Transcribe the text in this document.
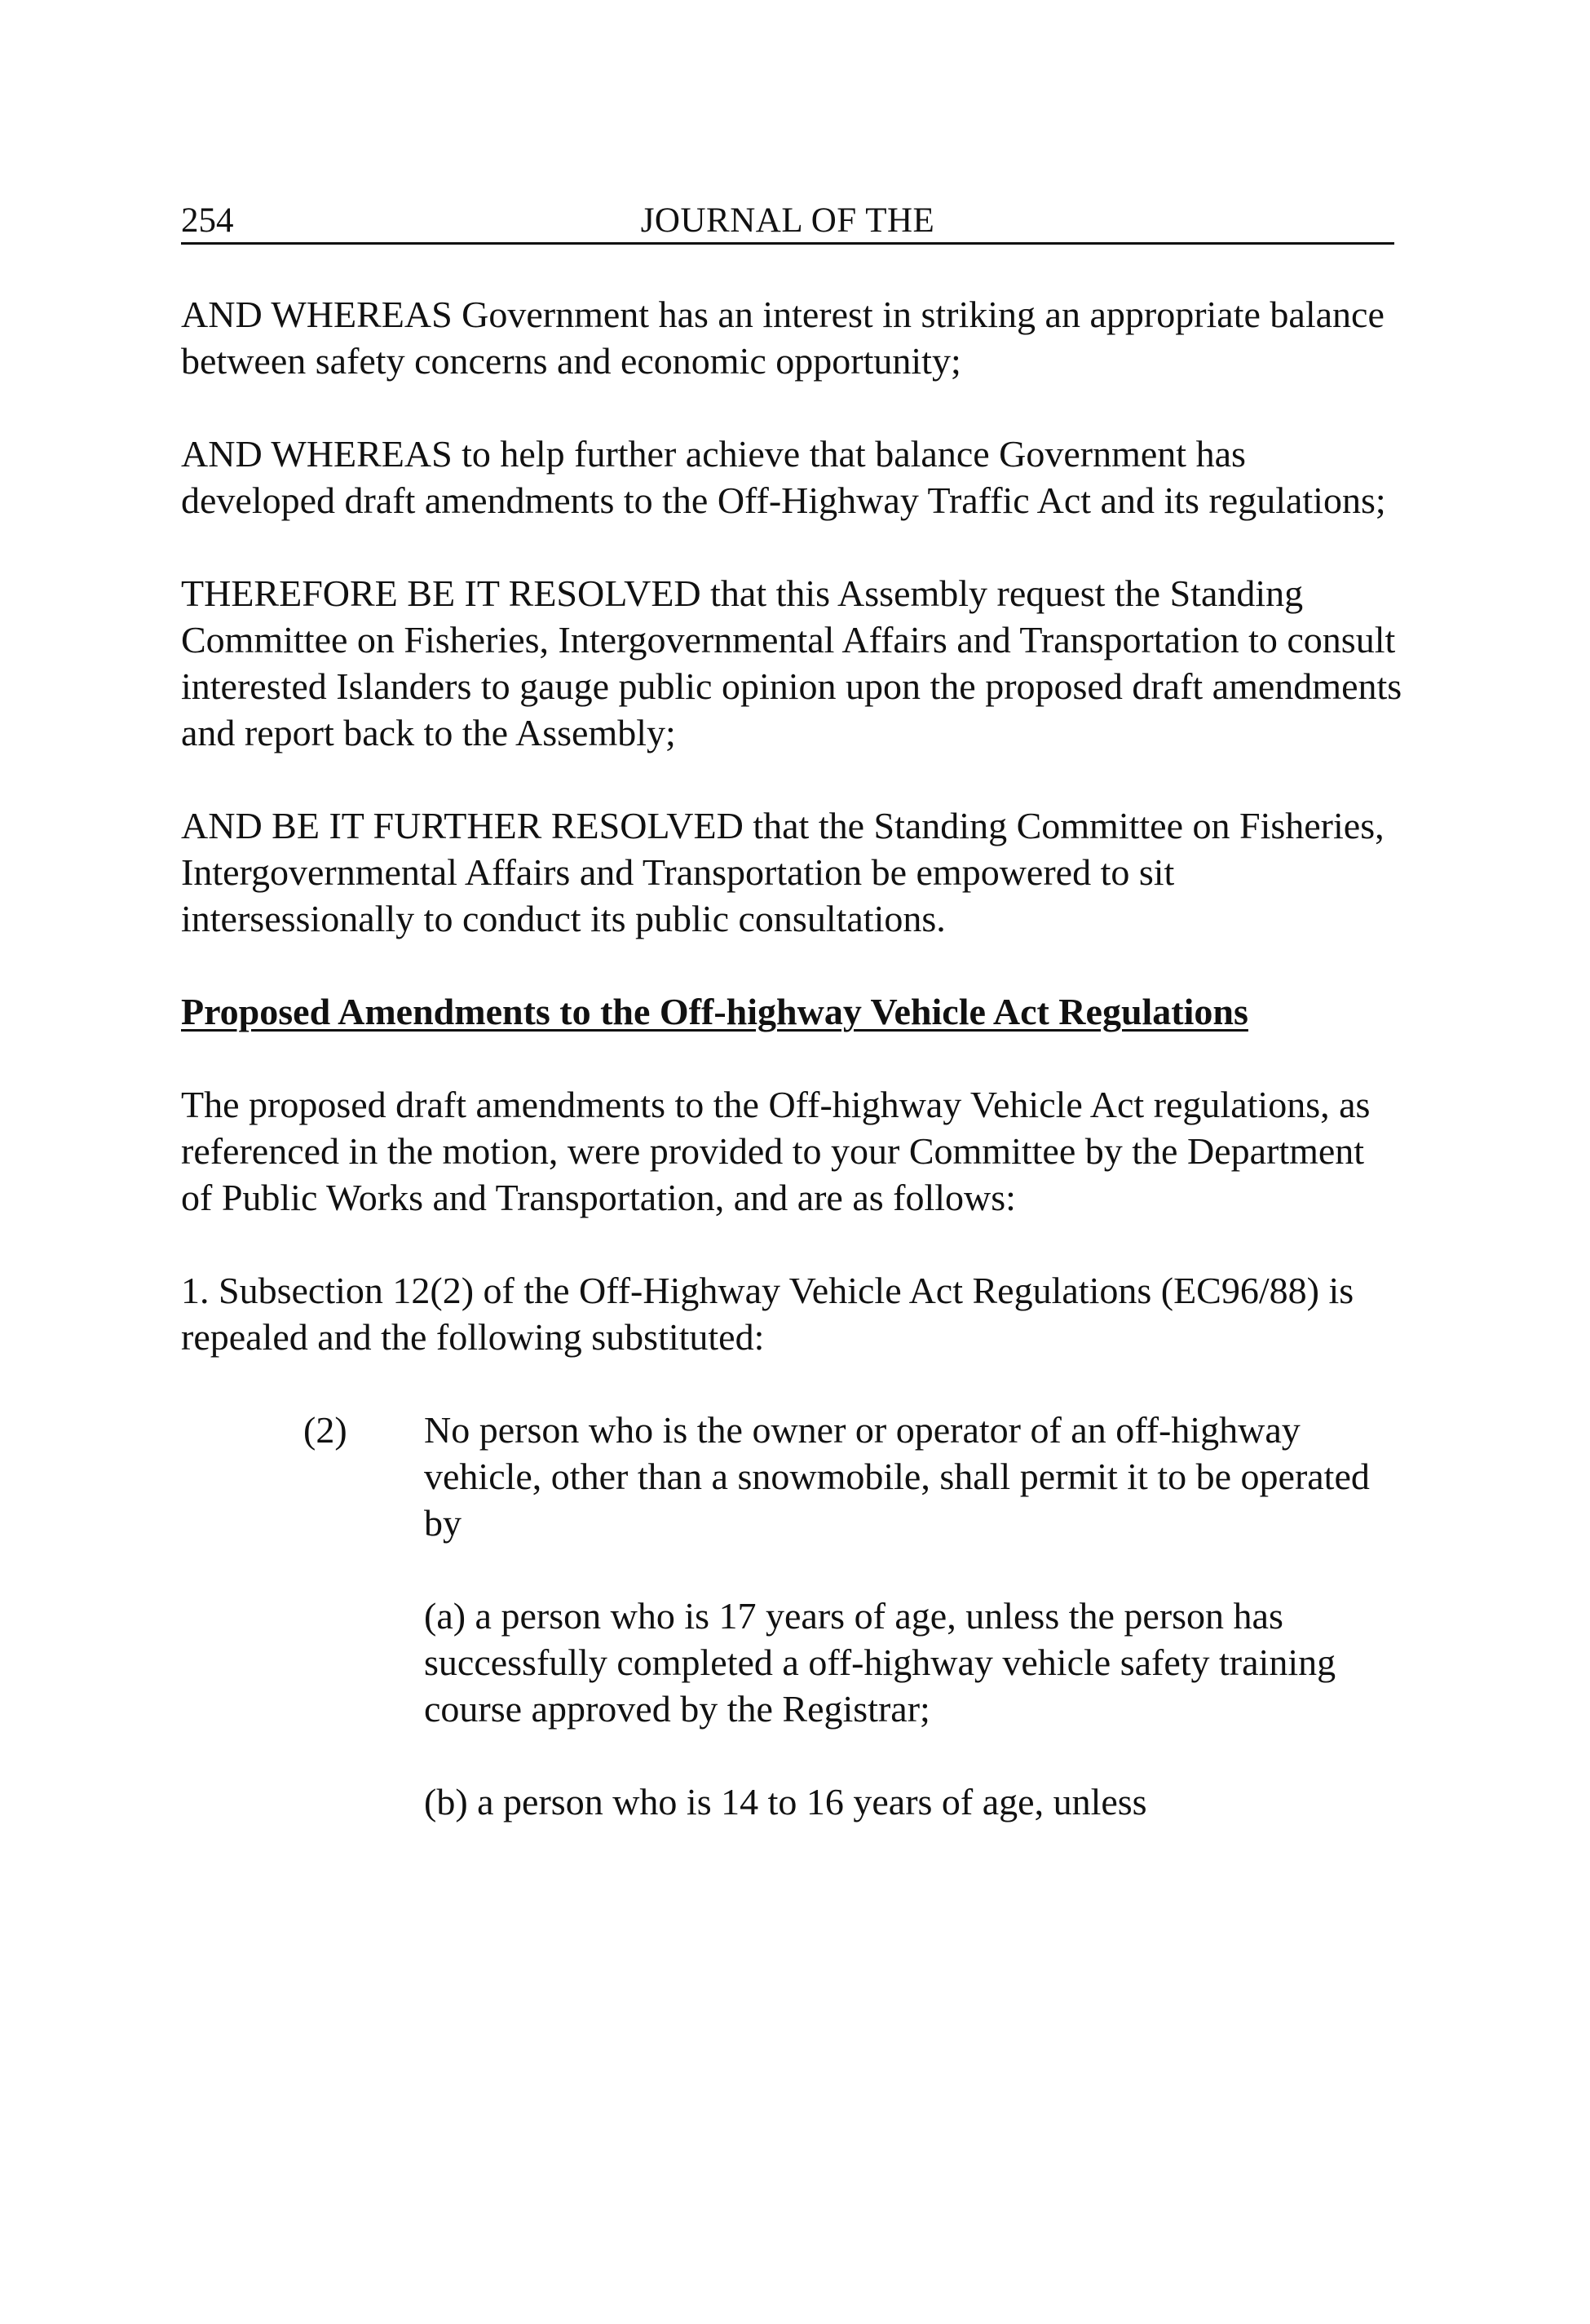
254	JOURNAL OF THE

AND WHEREAS Government has an interest in striking an appropriate balance between safety concerns and economic opportunity;

AND WHEREAS to help further achieve that balance Government has developed draft amendments to the Off-Highway Traffic Act and its regulations;

THEREFORE BE IT RESOLVED that this Assembly request the Standing Committee on Fisheries, Intergovernmental Affairs and Transportation to consult interested Islanders to gauge public opinion upon the proposed draft amendments and report back to the Assembly;

AND BE IT FURTHER RESOLVED that the Standing Committee on Fisheries, Intergovernmental Affairs and Transportation be empowered to sit intersessionally to conduct its public consultations.

Proposed Amendments to the Off-highway Vehicle Act Regulations

The proposed draft amendments to the Off-highway Vehicle Act regulations, as referenced in the motion, were provided to your Committee by the Department of Public Works and Transportation, and are as follows:

1. Subsection 12(2) of the Off-Highway Vehicle Act Regulations (EC96/88) is repealed and the following substituted:

(2) No person who is the owner or operator of an off-highway vehicle, other than a snowmobile, shall permit it to be operated by

(a) a person who is 17 years of age, unless the person has successfully completed a off-highway vehicle safety training course approved by the Registrar;

(b) a person who is 14 to 16 years of age, unless
